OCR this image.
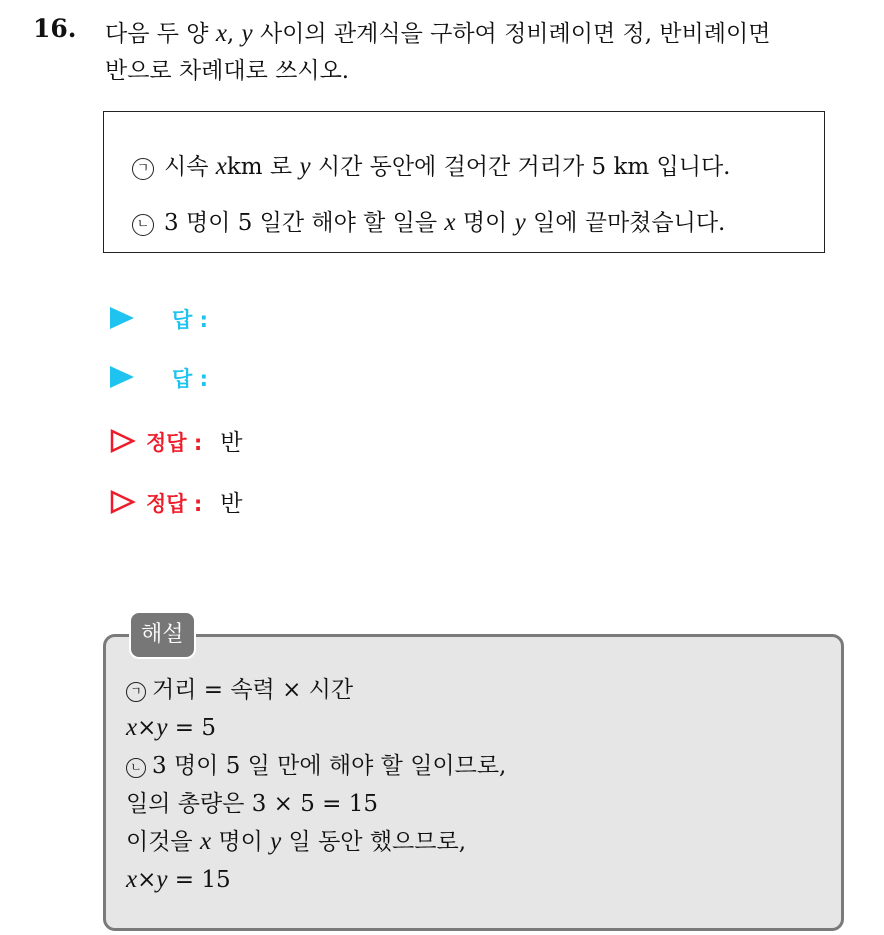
16. 다음 두 양 x, y 사이의 관계식을 구하여 정비례이면 정, 반비례이면
반으로 차례대로 쓰시오.
ㄱ 시속 xkm 로 y 시간 동안에 걸어간 거리가 5 km 입니다.
ㄴ 3 명이 5 일간 해야 할 일을 x 명이 y 일에 끝마쳤습니다.
답 :
답 :
정답 : 반
정답 : 반
해설
ㄱ 거리 = 속력 × 시간
x×y = 5
ㄴ 3 명이 5 일 만에 해야 할 일이므로,
일의 총량은 3 × 5 = 15
이것을 x 명이 y 일 동안 했으므로,
x×y = 15
